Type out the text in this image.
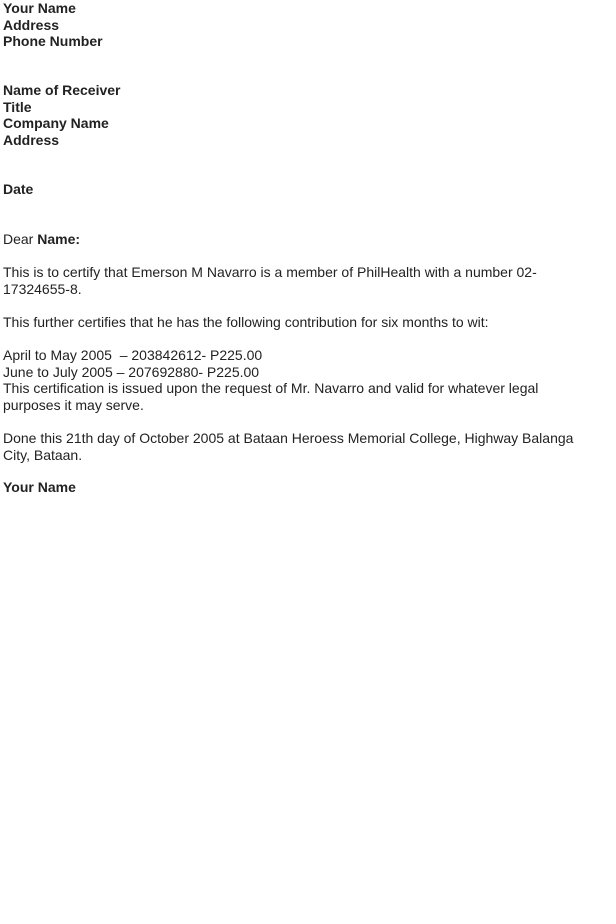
Your Name
Address
Phone Number
Name of Receiver
Title
Company Name
Address
Date
Dear Name:
This is to certify that Emerson M Navarro is a member of PhilHealth with a number 02-17324655-8.
This further certifies that he has the following contribution for six months to wit:
April to May 2005  – 203842612- P225.00
June to July 2005 – 207692880- P225.00
This certification is issued upon the request of Mr. Navarro and valid for whatever legal purposes it may serve.
Done this 21th day of October 2005 at Bataan Heroess Memorial College, Highway Balanga City, Bataan.
Your Name
